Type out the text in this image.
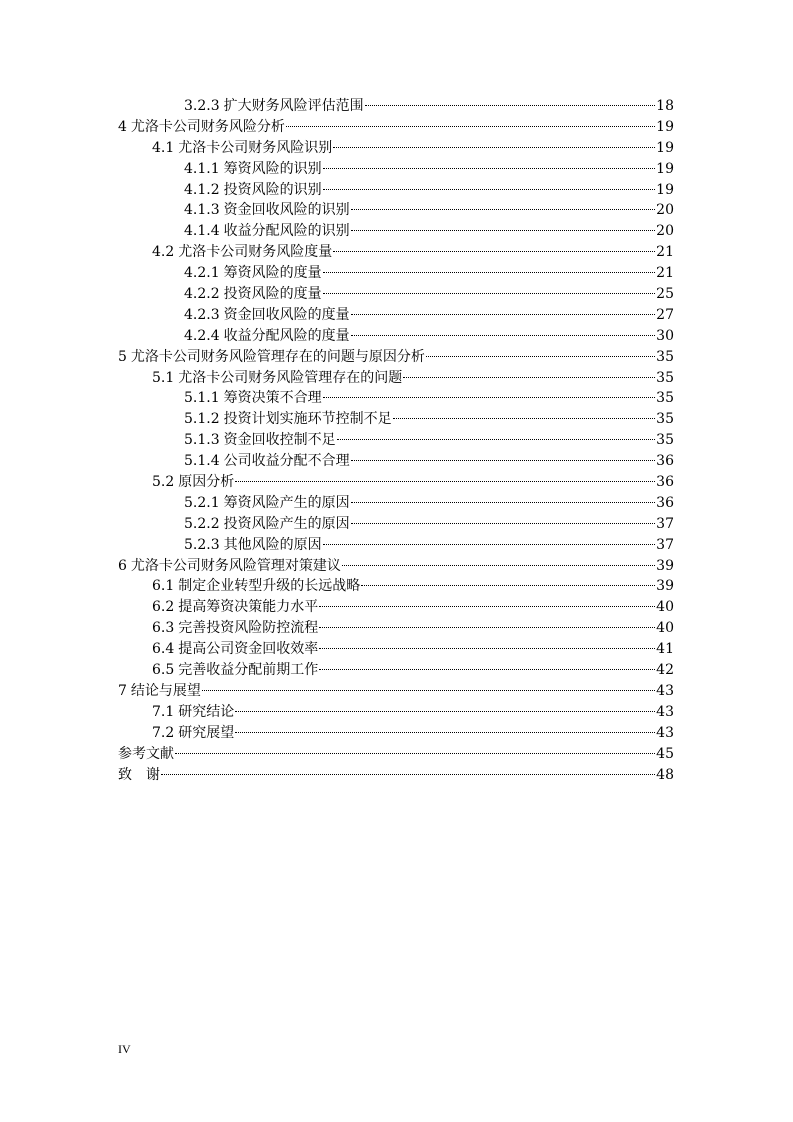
3.2.3 扩大财务风险评估范围	18
4 尤洛卡公司财务风险分析	19
4.1 尤洛卡公司财务风险识别	19
4.1.1 筹资风险的识别	19
4.1.2 投资风险的识别	19
4.1.3 资金回收风险的识别	20
4.1.4 收益分配风险的识别	20
4.2 尤洛卡公司财务风险度量	21
4.2.1 筹资风险的度量	21
4.2.2 投资风险的度量	25
4.2.3 资金回收风险的度量	27
4.2.4 收益分配风险的度量	30
5 尤洛卡公司财务风险管理存在的问题与原因分析	35
5.1 尤洛卡公司财务风险管理存在的问题	35
5.1.1 筹资决策不合理	35
5.1.2 投资计划实施环节控制不足	35
5.1.3 资金回收控制不足	35
5.1.4 公司收益分配不合理	36
5.2 原因分析	36
5.2.1 筹资风险产生的原因	36
5.2.2 投资风险产生的原因	37
5.2.3 其他风险的原因	37
6 尤洛卡公司财务风险管理对策建议	39
6.1 制定企业转型升级的长远战略	39
6.2 提高筹资决策能力水平	40
6.3 完善投资风险防控流程	40
6.4 提高公司资金回收效率	41
6.5 完善收益分配前期工作	42
7 结论与展望	43
7.1 研究结论	43
7.2 研究展望	43
参考文献	45
致　谢	48
IV
